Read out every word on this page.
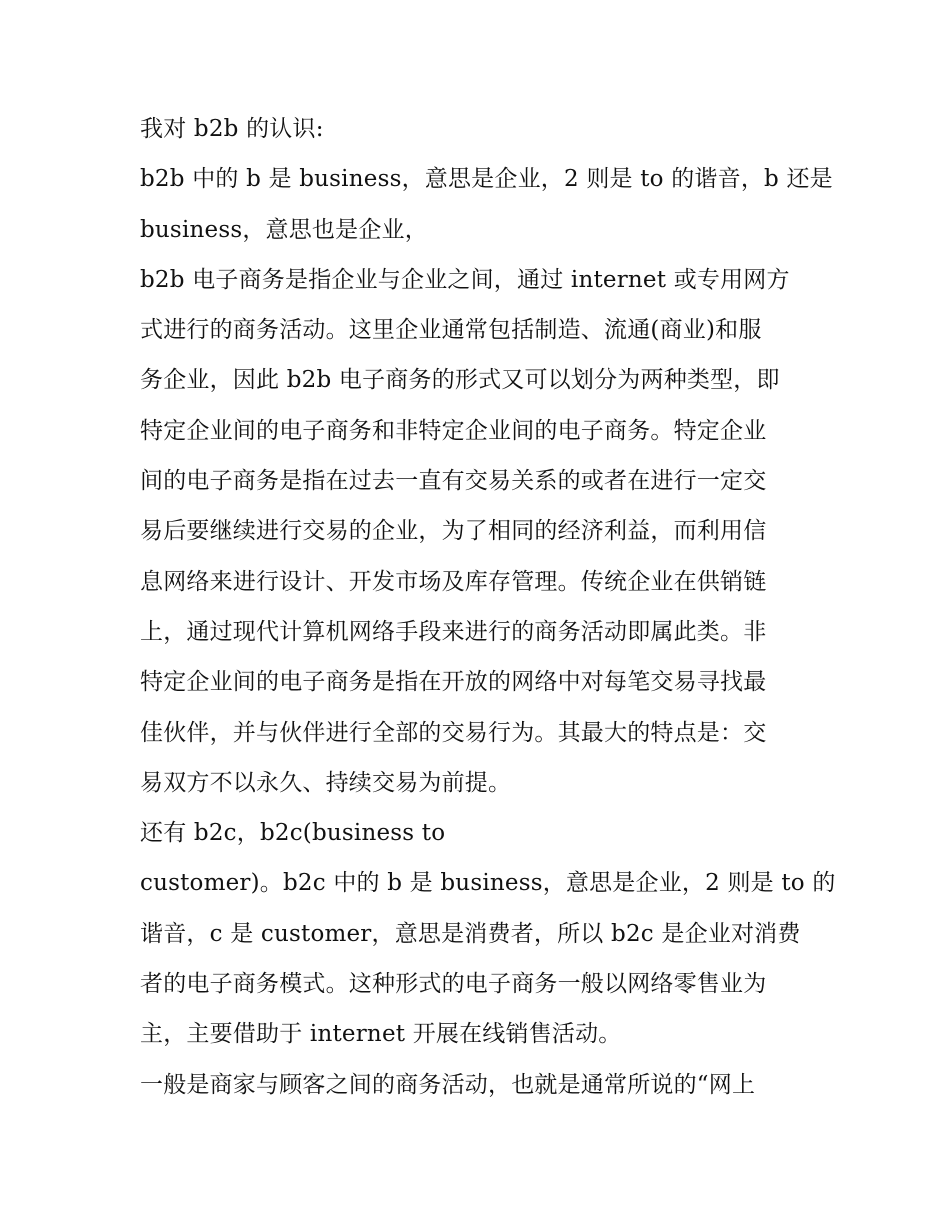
我对 b2b 的认识:
b2b 中的 b 是 business，意思是企业，2 则是 to 的谐音，b 还是
business，意思也是企业，
b2b 电子商务是指企业与企业之间，通过 internet 或专用网方
式进行的商务活动。这里企业通常包括制造、流通(商业)和服
务企业，因此 b2b 电子商务的形式又可以划分为两种类型，即
特定企业间的电子商务和非特定企业间的电子商务。特定企业
间的电子商务是指在过去一直有交易关系的或者在进行一定交
易后要继续进行交易的企业，为了相同的经济利益，而利用信
息网络来进行设计、开发市场及库存管理。传统企业在供销链
上，通过现代计算机网络手段来进行的商务活动即属此类。非
特定企业间的电子商务是指在开放的网络中对每笔交易寻找最
佳伙伴，并与伙伴进行全部的交易行为。其最大的特点是：交
易双方不以永久、持续交易为前提。
还有 b2c，b2c(business to
customer)。b2c 中的 b 是 business，意思是企业，2 则是 to 的
谐音，c 是 customer，意思是消费者，所以 b2c 是企业对消费
者的电子商务模式。这种形式的电子商务一般以网络零售业为
主，主要借助于 internet 开展在线销售活动。
一般是商家与顾客之间的商务活动，也就是通常所说的“网上
